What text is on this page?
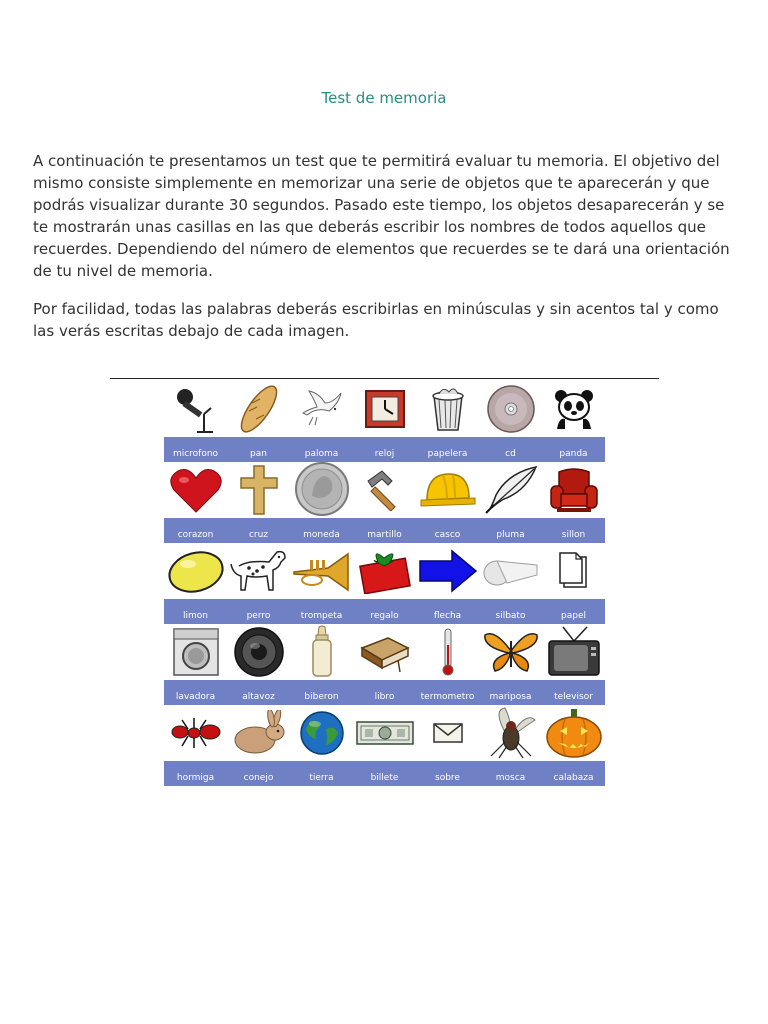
Test de memoria

A continuación te presentamos un test que te permitirá evaluar tu memoria. El objetivo del mismo consiste simplemente en memorizar una serie de objetos que te aparecerán y que podrás visualizar durante 30 segundos. Pasado este tiempo, los objetos desaparecerán y se te mostrarán unas casillas en las que deberás escribir los nombres de todos aquellos que recuerdes. Dependiendo del número de elementos que recuerdes se te dará una orientación de tu nivel de memoria.

Por facilidad, todas las palabras deberás escribirlas en minúsculas y sin acentos tal y como las verás escritas debajo de cada imagen.

microfono	pan	paloma	reloj	papelera	cd	panda
corazon	cruz	moneda	martillo	casco	pluma	sillon
limon	perro	trompeta	regalo	flecha	silbato	papel
lavadora	altavoz	biberon	libro	termometro	mariposa	televisor
hormiga	conejo	tierra	billete	sobre	mosca	calabaza
